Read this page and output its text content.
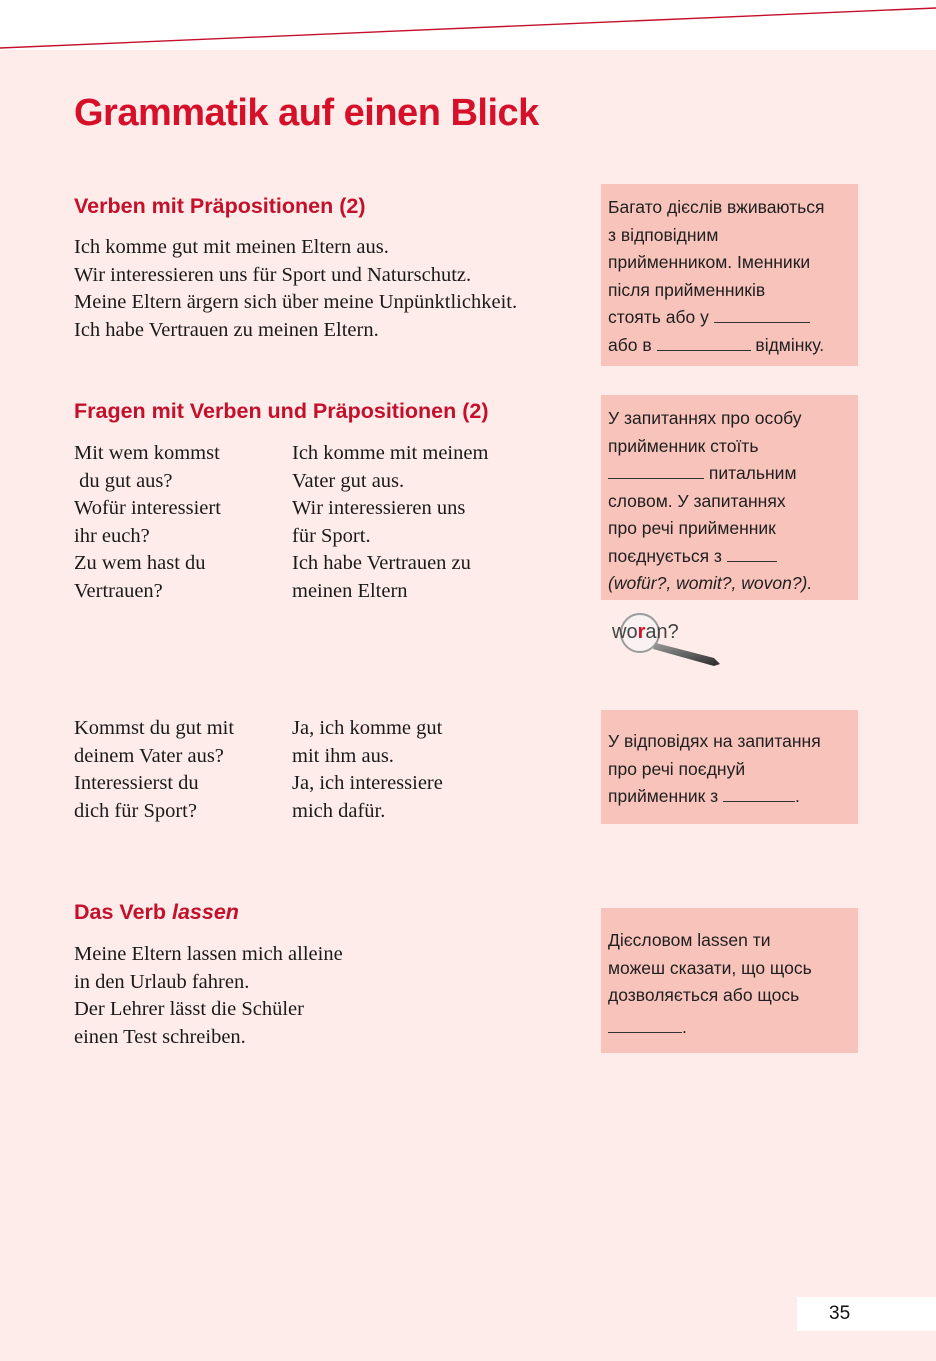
Grammatik auf einen Blick
Verben mit Präpositionen (2)
Ich komme gut mit meinen Eltern aus.
Wir interessieren uns für Sport und Naturschutz.
Meine Eltern ärgern sich über meine Unpünktlichkeit.
Ich habe Vertrauen zu meinen Eltern.
Багато дієслів вживаються
з відповідним
прийменником. Іменники
після прийменників
стоять або у
або в	відмінку.
Fragen mit Verben und Präpositionen (2)
Mit wem kommst
du gut aus?
Wofür interessiert
ihr euch?
Zu wem hast du
Vertrauen?
Ich komme mit meinem
Vater gut aus.
Wir interessieren uns
für Sport.
Ich habe Vertrauen zu
meinen Eltern
У запитаннях про особу
прийменник стоїть
питальним
словом. У запитаннях
про речі прийменник
поєднується з
(wofür?, womit?, wovon?).
woran?
Kommst du gut mit
deinem Vater aus?
Interessierst du
dich für Sport?
Ja, ich komme gut
mit ihm aus.
Ja, ich interessiere
mich dafür.
У відповідях на запитання
про речі поєднуй
прийменник з	.
Das Verb lassen
Meine Eltern lassen mich alleine
in den Urlaub fahren.
Der Lehrer lässt die Schüler
einen Test schreiben.
Дієсловом lassen ти
можеш сказати, що щось
дозволяється або щось
.
35
